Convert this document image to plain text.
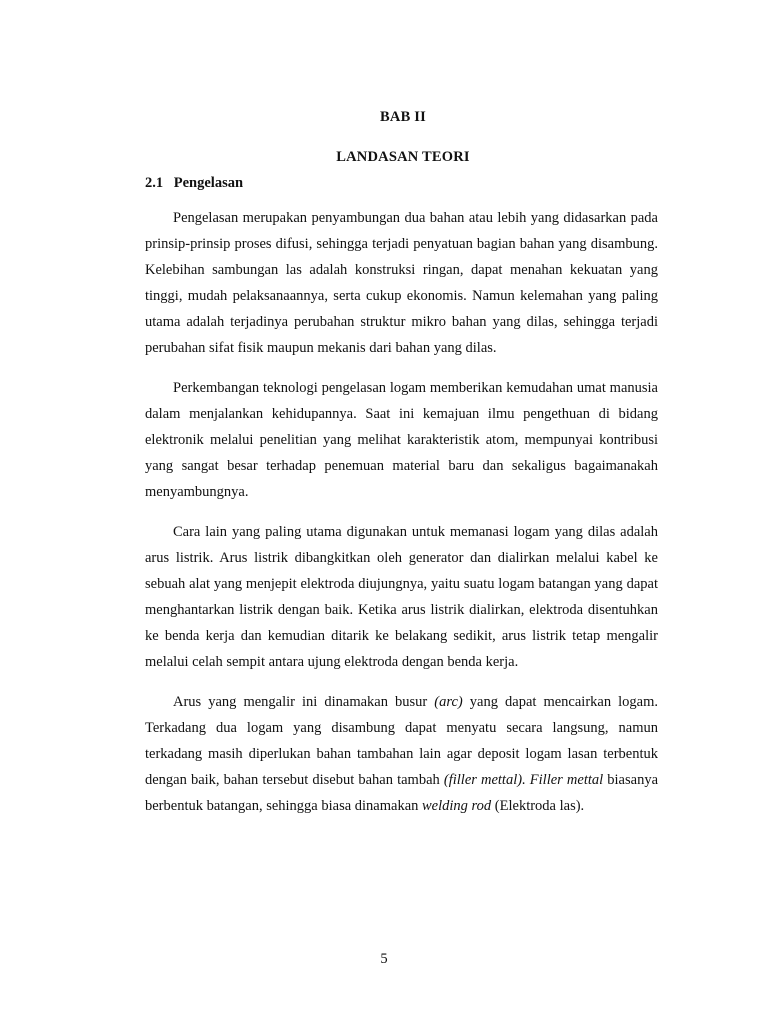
BAB II
LANDASAN TEORI
2.1 Pengelasan

Pengelasan merupakan penyambungan dua bahan atau lebih yang didasarkan pada prinsip-prinsip proses difusi, sehingga terjadi penyatuan bagian bahan yang disambung. Kelebihan sambungan las adalah konstruksi ringan, dapat menahan kekuatan yang tinggi, mudah pelaksanaannya, serta cukup ekonomis. Namun kelemahan yang paling utama adalah terjadinya perubahan struktur mikro bahan yang dilas, sehingga terjadi perubahan sifat fisik maupun mekanis dari bahan yang dilas.

Perkembangan teknologi pengelasan logam memberikan kemudahan umat manusia dalam menjalankan kehidupannya. Saat ini kemajuan ilmu pengethuan di bidang elektronik melalui penelitian yang melihat karakteristik atom, mempunyai kontribusi yang sangat besar terhadap penemuan material baru dan sekaligus bagaimanakah menyambungnya.

Cara lain yang paling utama digunakan untuk memanasi logam yang dilas adalah arus listrik. Arus listrik dibangkitkan oleh generator dan dialirkan melalui kabel ke sebuah alat yang menjepit elektroda diujungnya, yaitu suatu logam batangan yang dapat menghantarkan listrik dengan baik. Ketika arus listrik dialirkan, elektroda disentuhkan ke benda kerja dan kemudian ditarik ke belakang sedikit, arus listrik tetap mengalir melalui celah sempit antara ujung elektroda dengan benda kerja.

Arus yang mengalir ini dinamakan busur (arc) yang dapat mencairkan logam. Terkadang dua logam yang disambung dapat menyatu secara langsung, namun terkadang masih diperlukan bahan tambahan lain agar deposit logam lasan terbentuk dengan baik, bahan tersebut disebut bahan tambah (filler mettal). Filler mettal biasanya berbentuk batangan, sehingga biasa dinamakan welding rod (Elektroda las).

5
